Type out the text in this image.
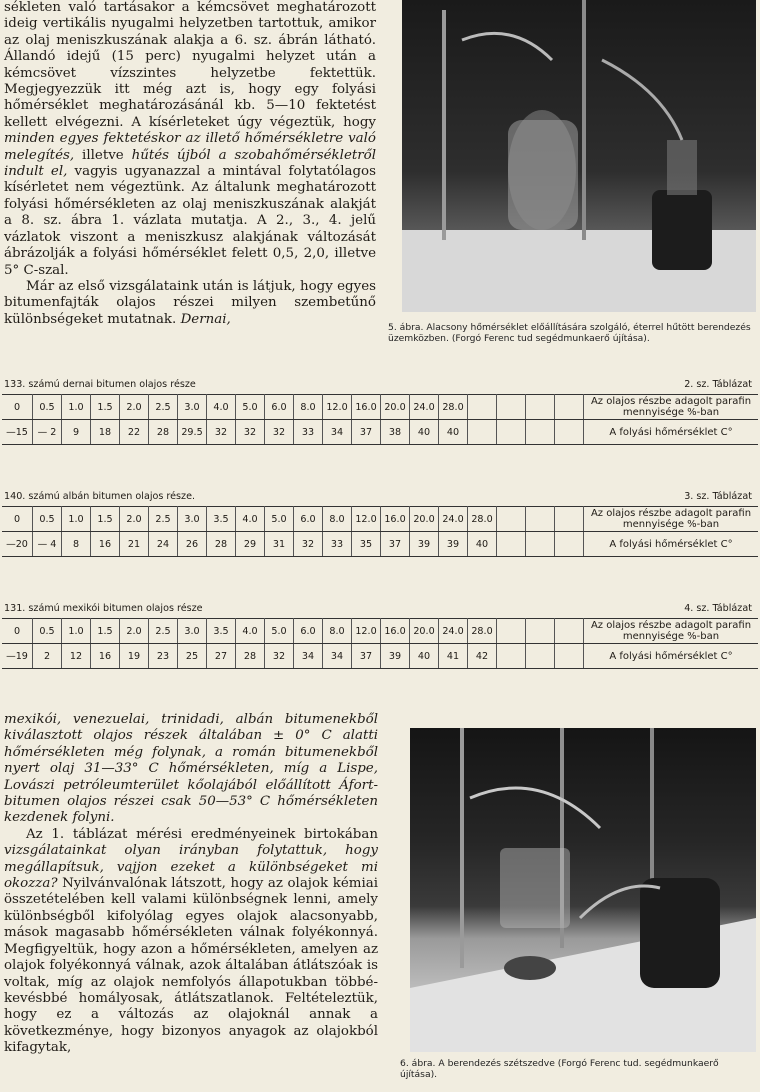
sékleten való tartásakor a kémcsövet meghatározott ideig vertikális nyugalmi helyzetben tartottuk, amikor az olaj meniszkuszának alakja a 6. sz. ábrán látható. Állandó idejű (15 perc) nyugalmi helyzet után a kémcsövet vízszintes helyzetbe fektettük. Megjegyezzük itt még azt is, hogy egy folyási hőmérséklet meghatározásánál kb. 5—10 fektetést kellett elvégezni. A kísérleteket úgy végeztük, hogy minden egyes fektetéskor az illető hőmérsékletre való melegítés, illetve hűtés újból a szobahőmérsékletről indult el, vagyis ugyanazzal a mintával folytatólagos kísérletet nem végeztünk. Az általunk meghatározott folyási hőmérsékleten az olaj meniszkuszának alakját a 8. sz. ábra 1. vázlata mutatja. A 2., 3., 4. jelű vázlatok viszont a meniszkusz alakjának változását ábrázolják a folyási hőmérséklet felett 0,5, 2,0, illetve 5° C-szal.

Már az első vizsgálataink után is látjuk, hogy egyes bitumenfajták olajos részei milyen szembetűnő különbségeket mutatnak. Dernai,

5. ábra. Alacsony hőmérséklet előállítására szolgáló, éterrel hűtött berendezés üzemközben. (Forgó Ferenc tud segédmunkaerő újítása).
133. számú dernai bitumen olajos része	2. sz. Táblázat
0	0.5	1.0	1.5	2.0	2.5	3.0	4.0	5.0	6.0	8.0	12.0	16.0	20.0	24.0	28.0					Az olajos részbe adagolt parafin mennyisége %-ban
—15	— 2	9	18	22	28	29.5	32	32	32	33	34	37	38	40	40					A folyási hőmérséklet C°
140. számú albán bitumen olajos része.	3. sz. Táblázat
0	0.5	1.0	1.5	2.0	2.5	3.0	3.5	4.0	5.0	6.0	8.0	12.0	16.0	20.0	24.0	28.0				Az olajos részbe adagolt parafin mennyisége %-ban
—20	— 4	8	16	21	24	26	28	29	31	32	33	35	37	39	39	40				A folyási hőmérséklet C°
131. számú mexikói bitumen olajos része	4. sz. Táblázat
0	0.5	1.0	1.5	2.0	2.5	3.0	3.5	4.0	5.0	6.0	8.0	12.0	16.0	20.0	24.0	28.0				Az olajos részbe adagolt parafin mennyisége %-ban
—19	2	12	16	19	23	25	27	28	32	34	34	37	39	40	41	42				A folyási hőmérséklet C°

mexikói, venezuelai, trinidadi, albán bitumenekből kiválasztott olajos részek általában ± 0° C alatti hőmérsékleten még folynak, a román bitumenekből nyert olaj 31—33° C hőmérsékleten, míg a Lispe, Lovászi petróleumterület kőolajából előállított Áfort-bitumen olajos részei csak 50—53° C hőmérsékleten kezdenek folyni.

Az 1. táblázat mérési eredményeinek birtokában vizsgálatainkat olyan irányban folytattuk, hogy megállapítsuk, vajjon ezeket a különbségeket mi okozza? Nyilvánvalónak látszott, hogy az olajok kémiai összetételében kell valami különbségnek lenni, amely különbségből kifolyólag egyes olajok alacsonyabb, mások magasabb hőmérsékleten válnak folyékonnyá. Megfigyeltük, hogy azon a hőmérsékleten, amelyen az olajok folyékonnyá válnak, azok általában átlátszóak is voltak, míg az olajok nemfolyós állapotukban többé-kevésbbé homályosak, átlátszatlanok. Feltételeztük, hogy ez a változás az olajoknál annak a következménye, hogy bizonyos anyagok az olajokból kifagytak,

6. ábra. A berendezés szétszedve (Forgó Ferenc tud. segédmunkaerő újítása).
